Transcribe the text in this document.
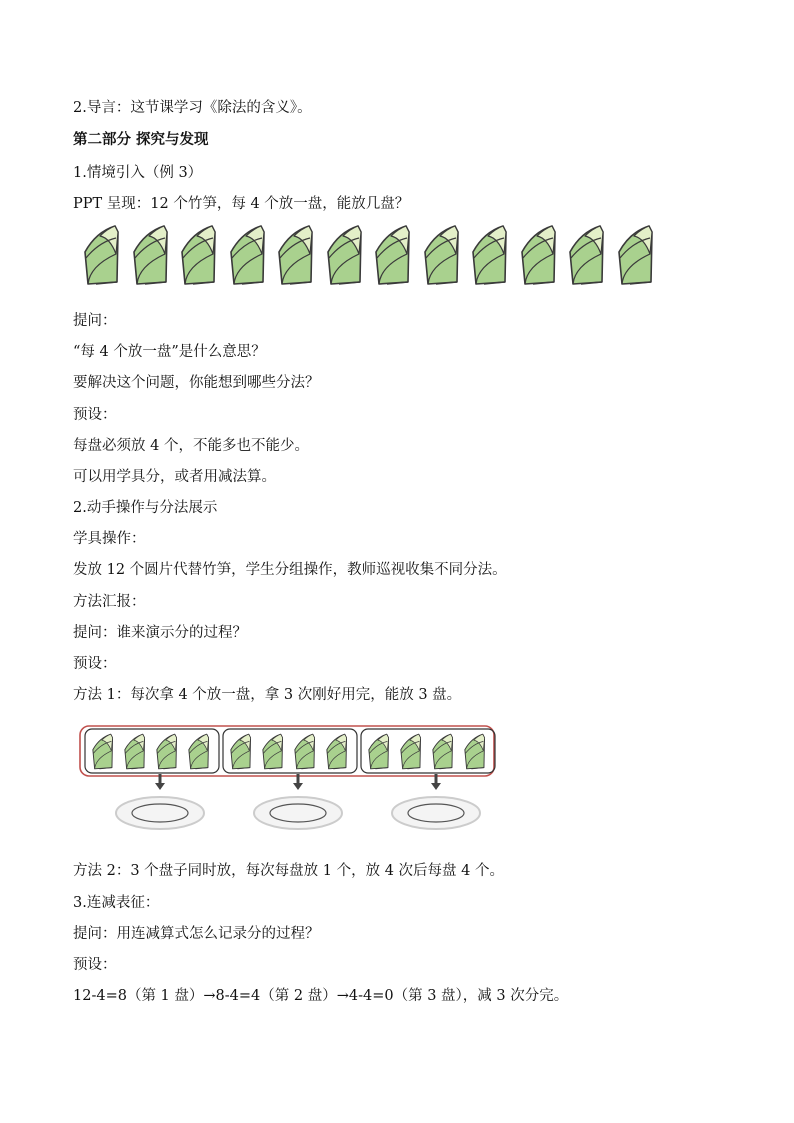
2.导言：这节课学习《除法的含义》。
第二部分 探究与发现
1.情境引入（例 3）
PPT 呈现：12 个竹笋，每 4 个放一盘，能放几盘？
提问：
“每 4 个放一盘”是什么意思？
要解决这个问题，你能想到哪些分法？
预设：
每盘必须放 4 个，不能多也不能少。
可以用学具分，或者用减法算。
2.动手操作与分法展示
学具操作：
发放 12 个圆片代替竹笋，学生分组操作，教师巡视收集不同分法。
方法汇报：
提问：谁来演示分的过程？
预设：
方法 1：每次拿 4 个放一盘，拿 3 次刚好用完，能放 3 盘。
方法 2：3 个盘子同时放，每次每盘放 1 个，放 4 次后每盘 4 个。
3.连减表征：
提问：用连减算式怎么记录分的过程？
预设：
12-4=8（第 1 盘）→8-4=4（第 2 盘）→4-4=0（第 3 盘），减 3 次分完。
